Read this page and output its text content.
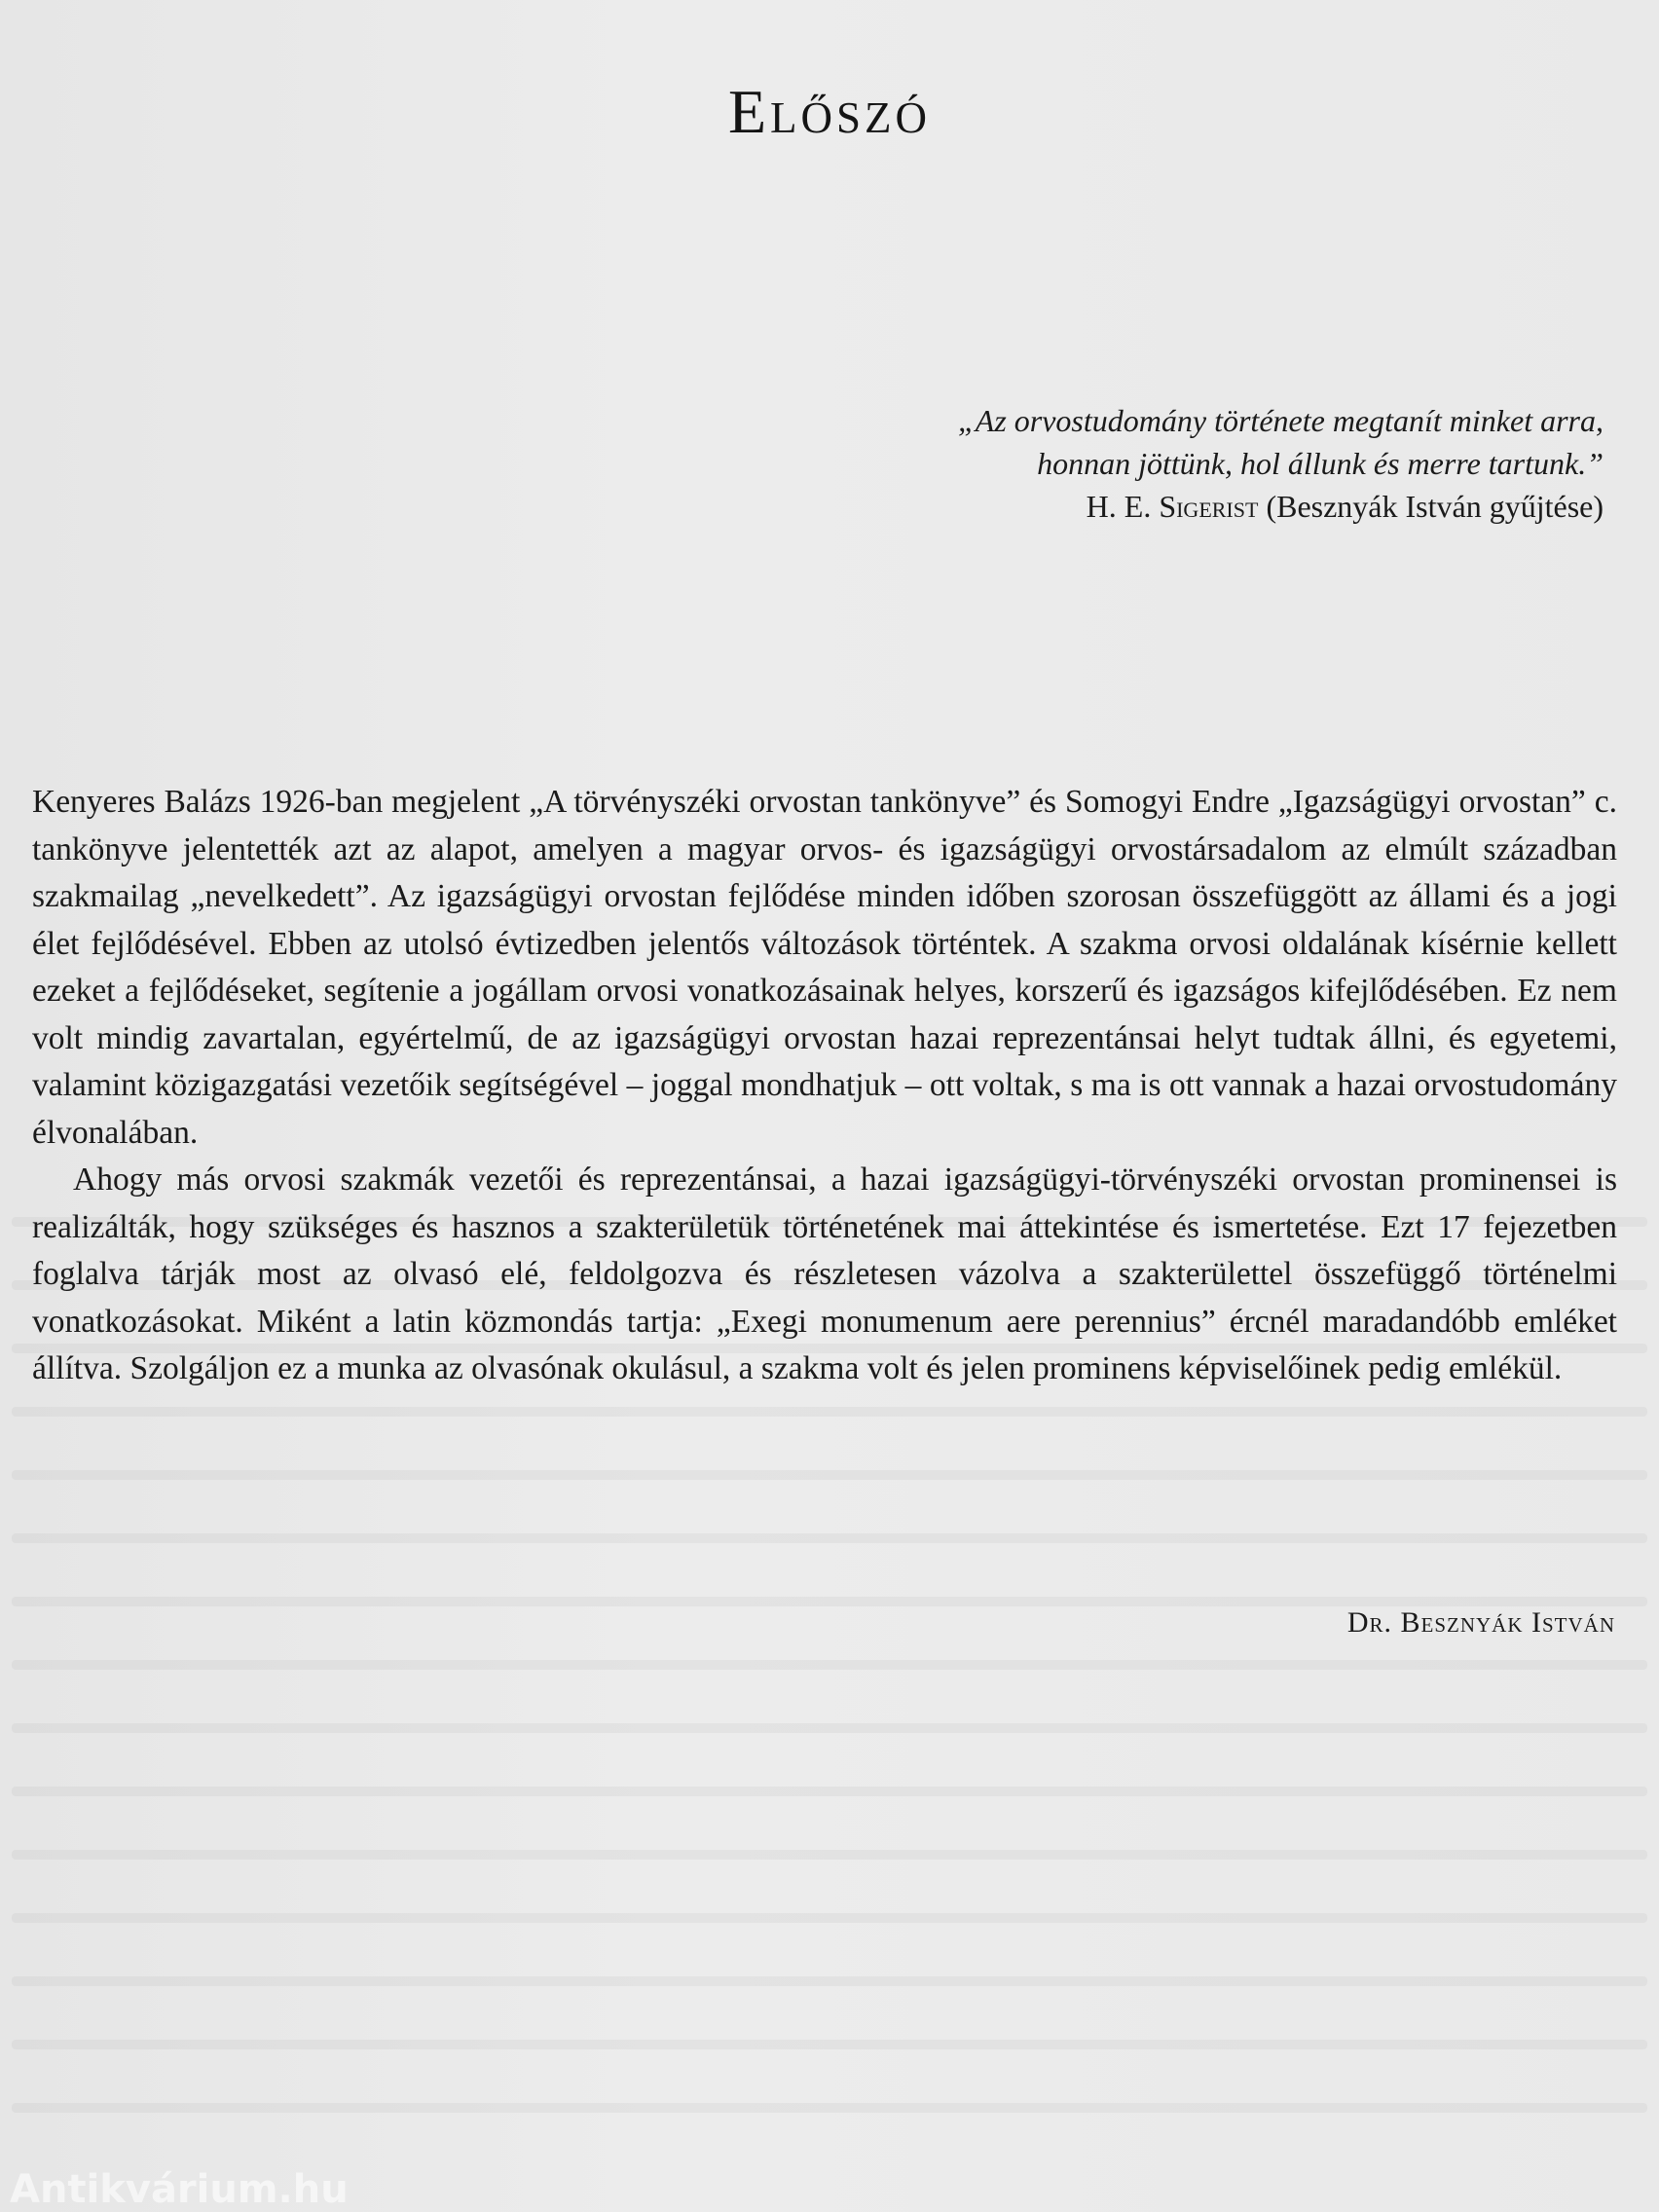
Előszó
„Az orvostudomány története megtanít minket arra,
honnan jöttünk, hol állunk és merre tartunk.”
H. E. Sigerist (Besznyák István gyűjtése)

Kenyeres Balázs 1926-ban megjelent „A törvényszéki orvostan tankönyve” és Somogyi Endre „Igazságügyi orvostan” c. tankönyve jelentették azt az alapot, amelyen a magyar orvos- és igazságügyi orvostársadalom az elmúlt században szakmailag „nevelkedett”. Az igazságügyi orvostan fejlődése minden időben szorosan összefüggött az állami és a jogi élet fejlődésével. Ebben az utolsó évtizedben jelentős változások történtek. A szakma orvosi oldalának kísérnie kellett ezeket a fejlődéseket, segítenie a jogállam orvosi vonatkozásainak helyes, korszerű és igazságos kifejlődésében. Ez nem volt mindig zavartalan, egyértelmű, de az igazságügyi orvostan hazai reprezentánsai helyt tudtak állni, és egyetemi, valamint közigazgatási vezetőik segítségével – joggal mondhatjuk – ott voltak, s ma is ott vannak a hazai orvostudomány élvonalában.

Ahogy más orvosi szakmák vezetői és reprezentánsai, a hazai igazságügyi-törvényszéki orvostan prominensei is realizálták, hogy szükséges és hasznos a szakterületük történetének mai áttekintése és ismertetése. Ezt 17 fejezetben foglalva tárják most az olvasó elé, feldolgozva és részletesen vázolva a szakterülettel összefüggő történelmi vonatkozásokat. Miként a latin közmondás tartja: „Exegi monumenum aere perennius” ércnél maradandóbb emléket állítva. Szolgáljon ez a munka az olvasónak okulásul, a szakma volt és jelen prominens képviselőinek pedig emlékül.

Dr. Besznyák István
Antikvárium.hu
